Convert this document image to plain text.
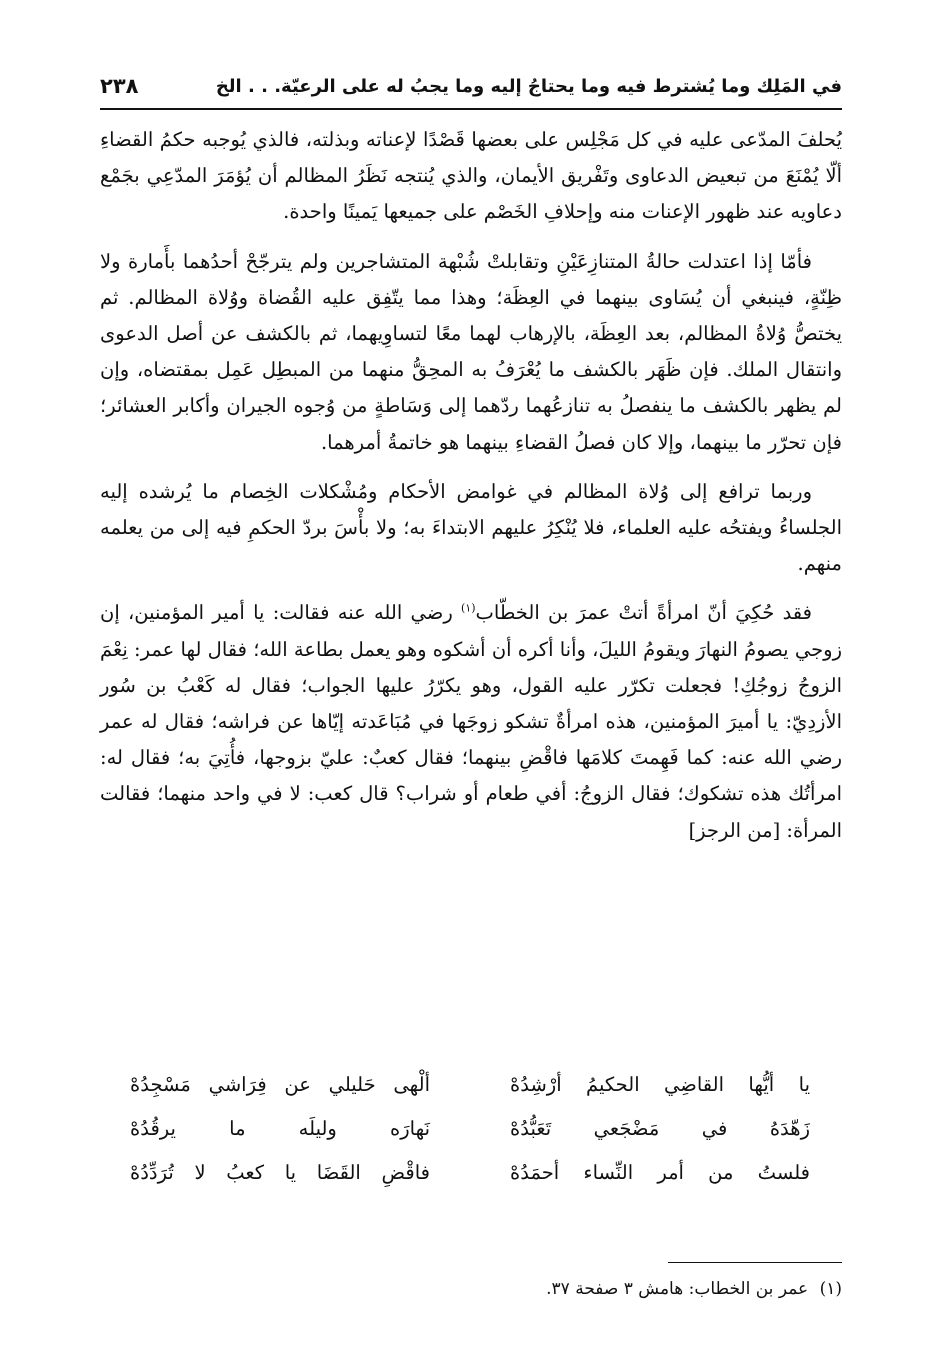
في المَلِك وما يُشترط فيه وما يحتاجُ إليه وما يجبُ له على الرعيّة. . . الخ
٢٣٨

يُحلفَ المدّعى عليه في كل مَجْلِس على بعضها قَصْدًا لإعناته وبذلته، فالذي يُوجبه حكمُ القضاءِ ألّا يُمْنَعَ من تبعيض الدعاوى وتَفْريق الأيمان، والذي يُنتجه نَظَرُ المظالم أن يُؤمَرَ المدّعِي بجَمْع دعاويه عند ظهور الإعنات منه وإحلافِ الخَصْم على جميعها يَمينًا واحدة.

فأمّا إذا اعتدلت حالةُ المتنازِعَيْنِ وتقابلتْ شُبْهة المتشاجرين ولم يترجّحْ أحدُهما بأَمارة ولا ظِنّةٍ، فينبغي أن يُسَاوى بينهما في العِظَة؛ وهذا مما يتّفِق عليه القُضاة ووُلاة المظالم. ثم يختصُّ وُلاةُ المظالم، بعد العِظَة، بالإرهاب لهما معًا لتساوِيهما، ثم بالكشف عن أصل الدعوى وانتقال الملك. فإن ظَهَر بالكشف ما يُعْرَفُ به المحِقُّ منهما من المبطِل عَمِل بمقتضاه، وإن لم يظهر بالكشف ما ينفصلُ به تنازعُهما ردّهما إلى وَسَاطةٍ من وُجوه الجيران وأكابر العشائر؛ فإن تحرّر ما بينهما، وإلا كان فصلُ القضاءِ بينهما هو خاتمةُ أمرهما.

وربما ترافع إلى وُلاة المظالم في غوامض الأحكام ومُشْكلات الخِصام ما يُرشده إليه الجلساءُ ويفتحُه عليه العلماء، فلا يُنْكِرُ عليهم الابتداءَ به؛ ولا بأْسَ بردّ الحكمِ فيه إلى من يعلمه منهم.

فقد حُكِيَ أنّ امرأةً أتتْ عمرَ بن الخطّاب$^{(١)}$ رضي الله عنه فقالت: يا أمير المؤمنين، إن زوجي يصومُ النهارَ ويقومُ الليلَ، وأنا أكره أن أشكوه وهو يعمل بطاعة الله؛ فقال لها عمر: نِعْمَ الزوجُ زوجُكِ! فجعلت تكرّر عليه القول، وهو يكرّرُ عليها الجواب؛ فقال له كَعْبُ بن سُور الأزدِيّ: يا أميرَ المؤمنين، هذه امرأةٌ تشكو زوجَها في مُبَاعَدته إيّاها عن فراشه؛ فقال له عمر رضي الله عنه: كما فَهِمتَ كلامَها فاقْضِ بينهما؛ فقال كعبٌ: عليّ بزوجها، فأُتِيَ به؛ فقال له: امرأتُك هذه تشكوك؛ فقال الزوجُ: أفي طعام أو شراب؟ قال كعب: لا في واحد منهما؛ فقالت المرأة: [من الرجز]

يا أيُّها القاضِي الحكيمُ أرْشِدُهْ
ألْهى حَليلي عن فِرَاشي مَسْجِدُهْ
زَهّدَهُ في مَضْجَعي تَعَبُّدُهْ
نَهارَه وليلَه ما يرقُدُهْ
فلستُ من أمر النِّساء أحمَدُهْ
فاقْضِ القَضَا يا كعبُ لا تُرَدِّدُهْ
(١) عمر بن الخطاب: هامش ٣ صفحة ٣٧.
